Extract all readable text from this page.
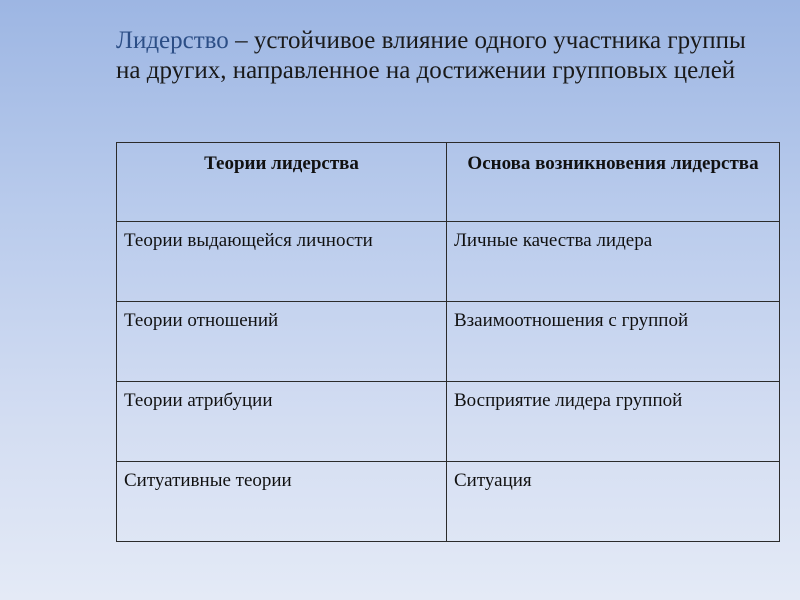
Лидерство – устойчивое влияние одного участника группы на других, направленное на достижении групповых целей
Теории лидерства	Основа возникновения лидерства
Теории выдающейся личности	Личные качества лидера
Теории отношений	Взаимоотношения с группой
Теории атрибуции	Восприятие лидера группой
Ситуативные теории	Ситуация
